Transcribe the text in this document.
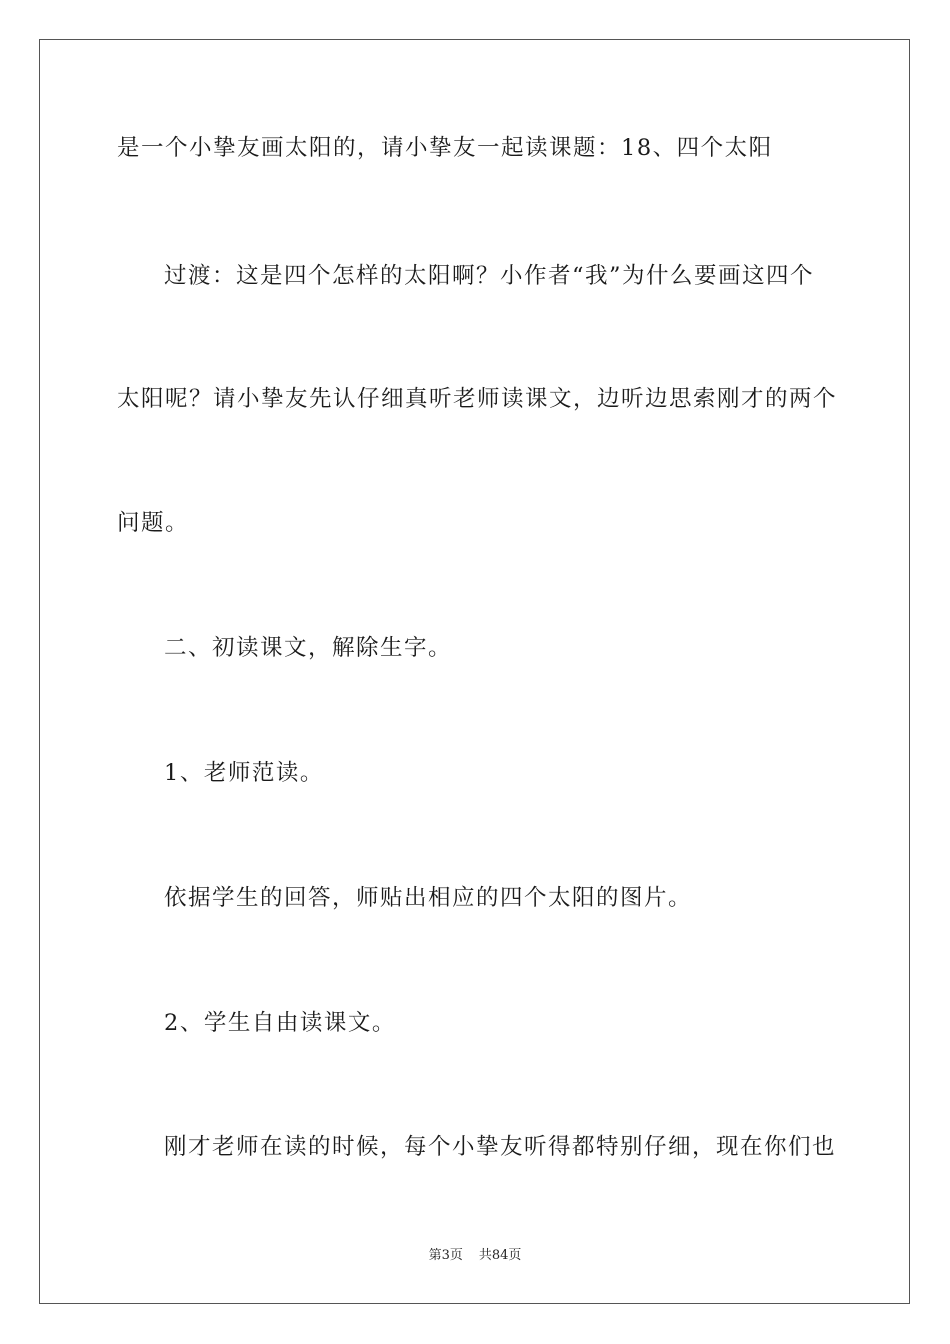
是一个小挚友画太阳的，请小挚友一起读课题：18、四个太阳
过渡：这是四个怎样的太阳啊？小作者“我”为什么要画这四个
太阳呢？请小挚友先认仔细真听老师读课文，边听边思索刚才的两个
问题。
二、初读课文，解除生字。
1、老师范读。
依据学生的回答，师贴出相应的四个太阳的图片。
2、学生自由读课文。
刚才老师在读的时候，每个小挚友听得都特别仔细，现在你们也
第3页 共84页
